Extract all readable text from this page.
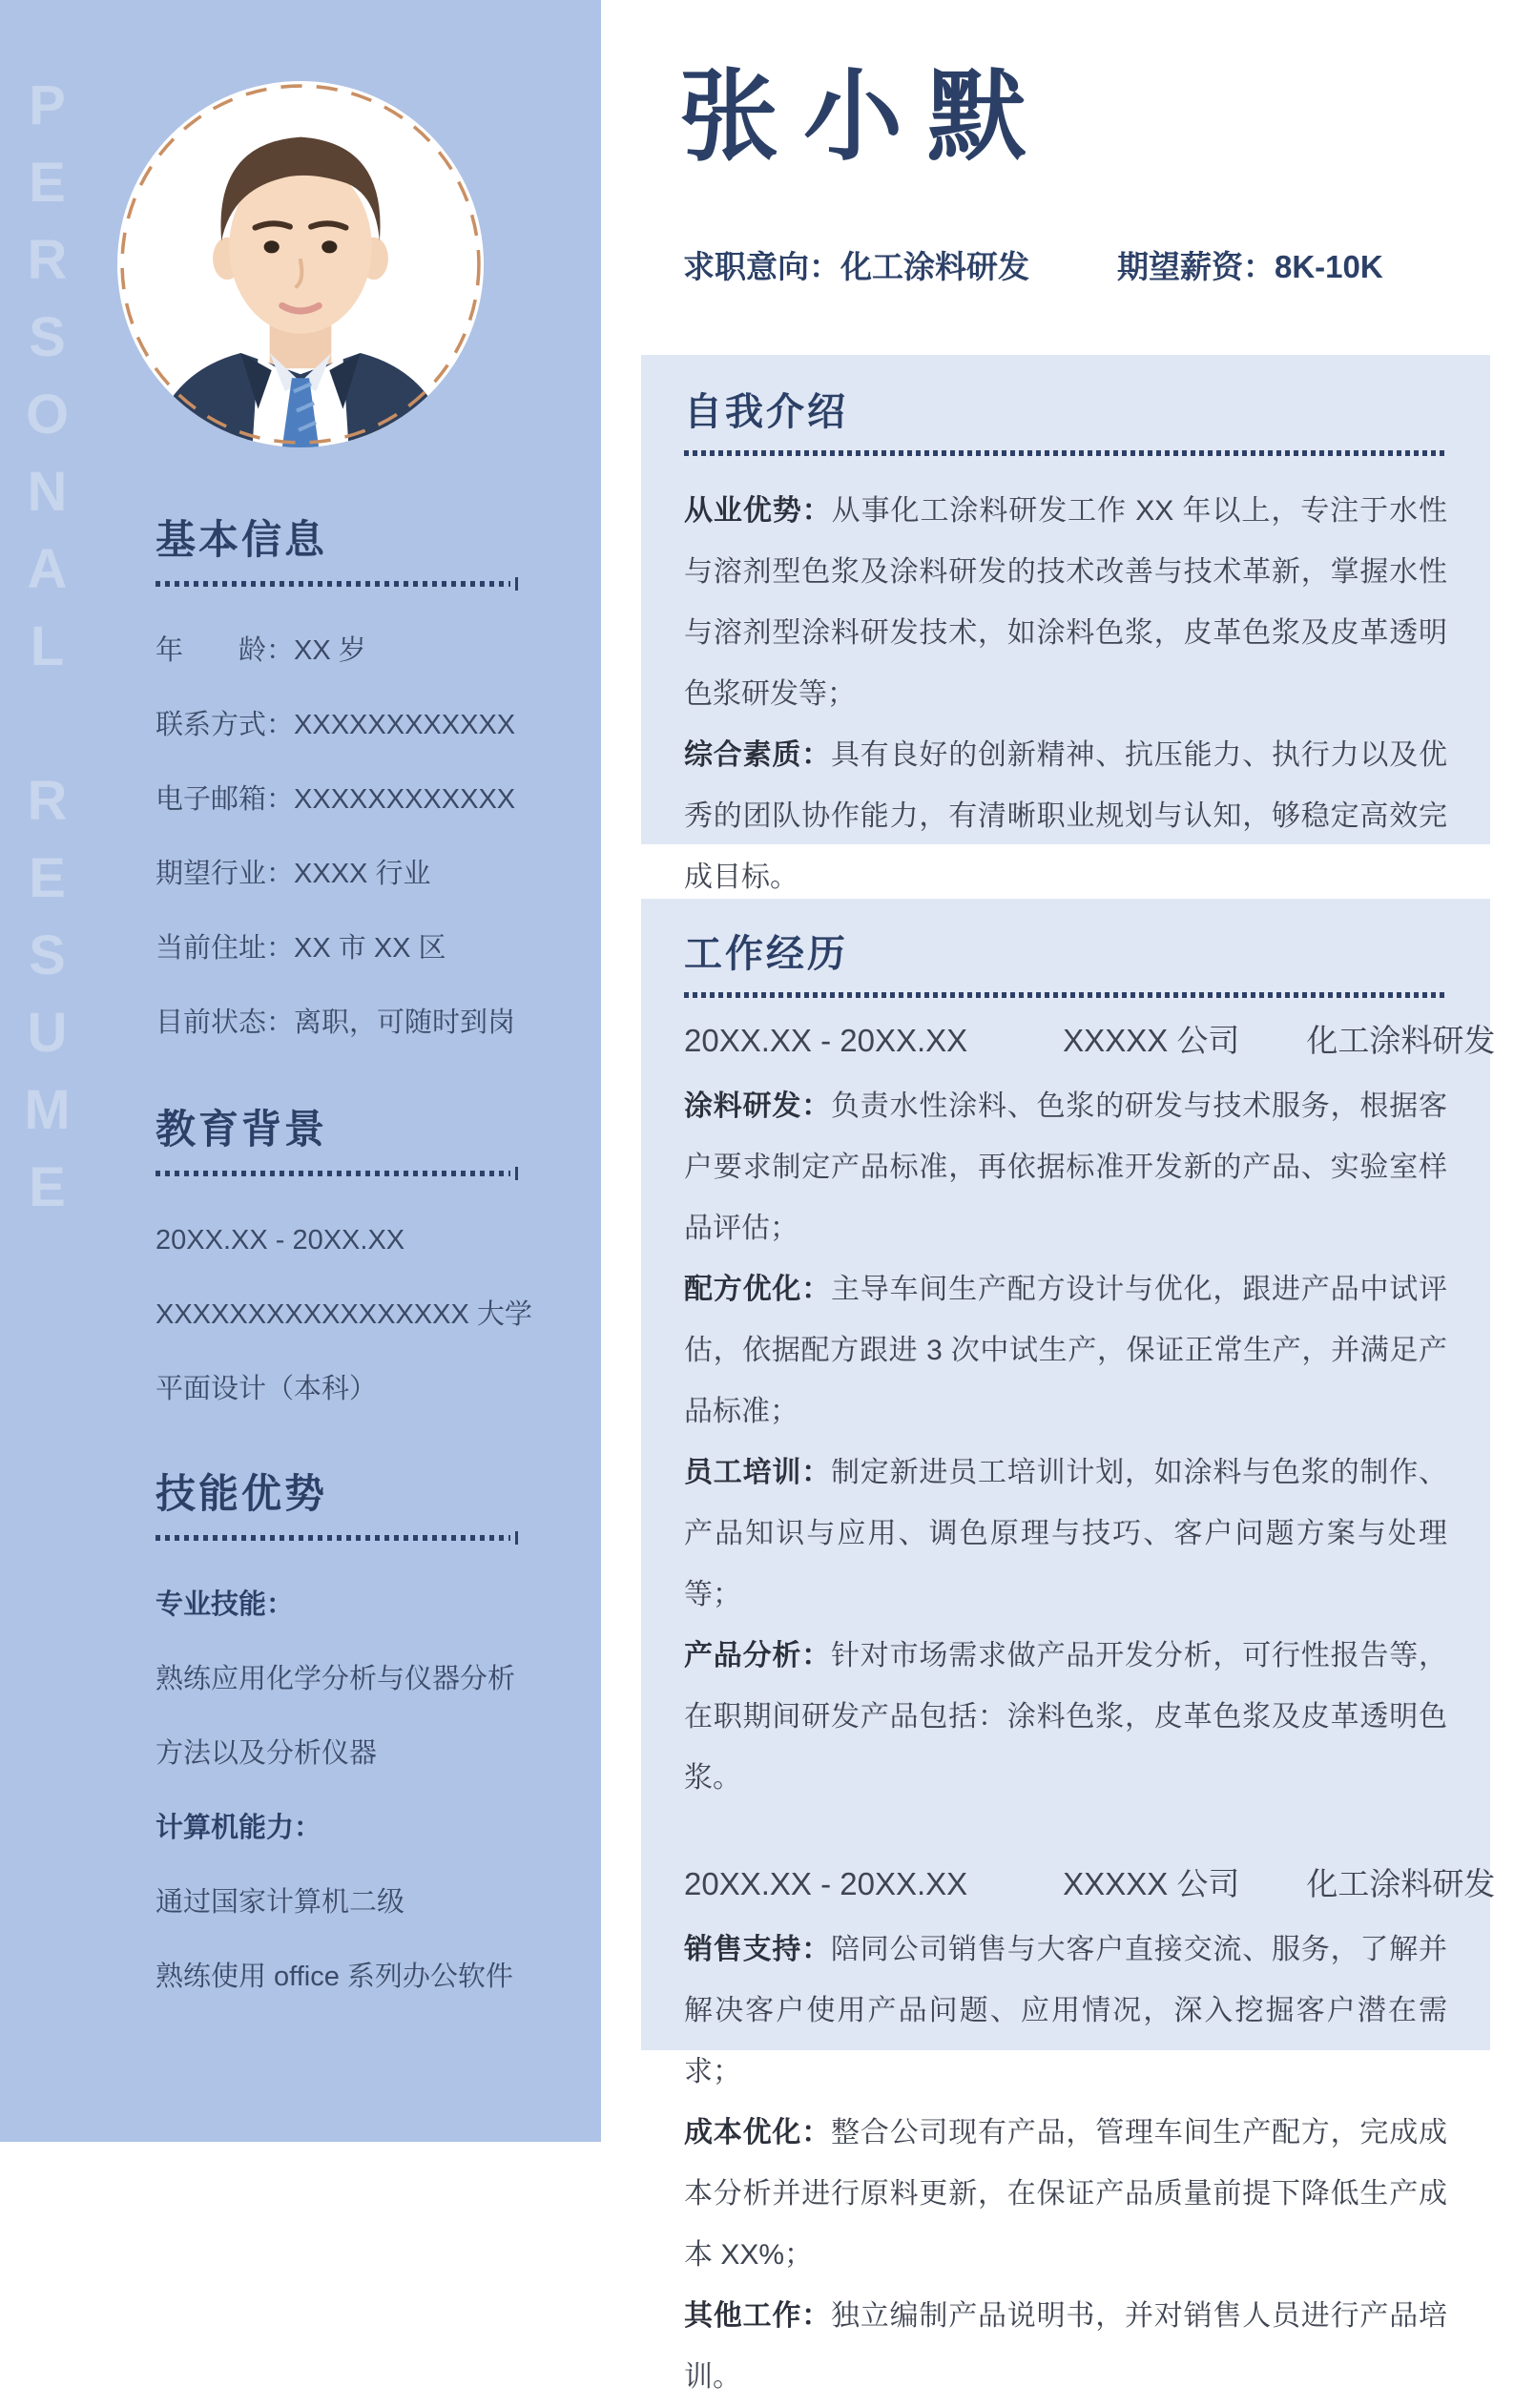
PERSONAL RESUME 基本信息
年　　龄：XX 岁
联系方式：XXXXXXXXXXXX
电子邮箱：XXXXXXXXXXXX
期望行业：XXXX 行业
当前住址：XX 市 XX 区
目前状态：离职，可随时到岗
教育背景
20XX.XX - 20XX.XX
XXXXXXXXXXXXXXXXX 大学
平面设计（本科）
技能优势
专业技能：
熟练应用化学分析与仪器分析
方法以及分析仪器
计算机能力：
通过国家计算机二级
熟练使用 office 系列办公软件
张小默
求职意向：化工涂料研发	期望薪资：8K-10K
自我介绍

从业优势：从事化工涂料研发工作 XX 年以上，专注于水性与溶剂型色浆及涂料研发的技术改善与技术革新，掌握水性与溶剂型涂料研发技术，如涂料色浆，皮革色浆及皮革透明色浆研发等；

综合素质：具有良好的创新精神、抗压能力、执行力以及优秀的团队协作能力，有清晰职业规划与认知，够稳定高效完成目标。

工作经历
20XX.XX - 20XX.XX	XXXXX 公司 化工涂料研发

涂料研发：负责水性涂料、色浆的研发与技术服务，根据客户要求制定产品标准，再依据标准开发新的产品、实验室样品评估；

配方优化：主导车间生产配方设计与优化，跟进产品中试评估，依据配方跟进 3 次中试生产，保证正常生产，并满足产品标准；

员工培训：制定新进员工培训计划，如涂料与色浆的制作、产品知识与应用、调色原理与技巧、客户问题方案与处理等；

产品分析：针对市场需求做产品开发分析，可行性报告等，在职期间研发产品包括：涂料色浆，皮革色浆及皮革透明色浆。

20XX.XX - 20XX.XX	XXXXX 公司 化工涂料研发

销售支持：陪同公司销售与大客户直接交流、服务，了解并解决客户使用产品问题、应用情况，深入挖掘客户潜在需求；

成本优化：整合公司现有产品，管理车间生产配方，完成成本分析并进行原料更新，在保证产品质量前提下降低生产成本 XX%；

其他工作：独立编制产品说明书，并对销售人员进行产品培训。
